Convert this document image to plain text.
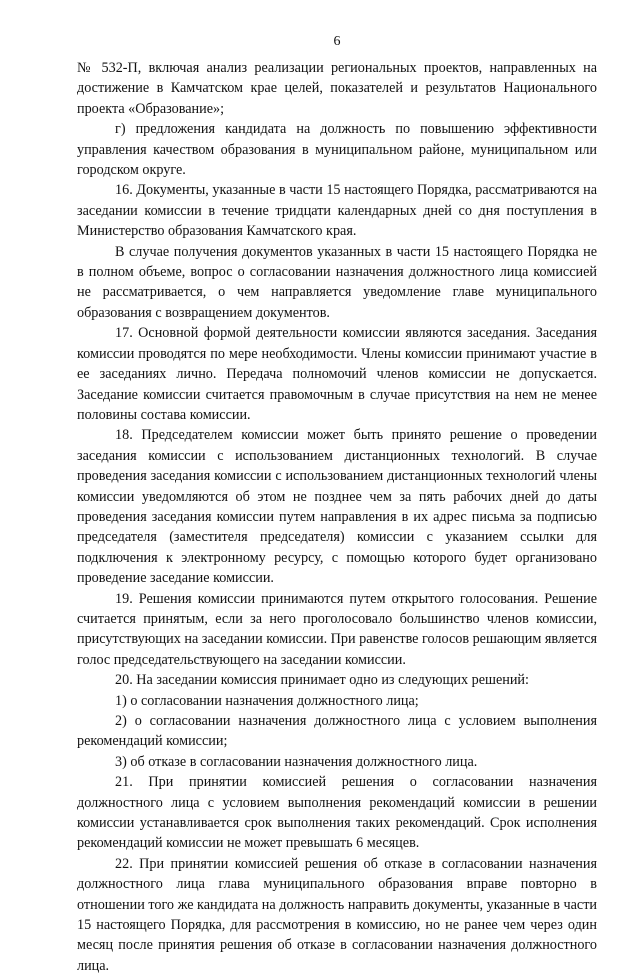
6

№ 532-П, включая анализ реализации региональных проектов, направленных на достижение в Камчатском крае целей, показателей и результатов Национального проекта «Образование»;

г) предложения кандидата на должность по повышению эффективности управления качеством образования в муниципальном районе, муниципальном или городском округе.

16. Документы, указанные в части 15 настоящего Порядка, рассматриваются на заседании комиссии в течение тридцати календарных дней со дня поступления в Министерство образования Камчатского края.

В случае получения документов указанных в части 15 настоящего Порядка не в полном объеме, вопрос о согласовании назначения должностного лица комиссией не рассматривается, о чем направляется уведомление главе муниципального образования с возвращением документов.

17. Основной формой деятельности комиссии являются заседания. Заседания комиссии проводятся по мере необходимости. Члены комиссии принимают участие в ее заседаниях лично. Передача полномочий членов комиссии не допускается. Заседание комиссии считается правомочным в случае присутствия на нем не менее половины состава комиссии.

18. Председателем комиссии может быть принято решение о проведении заседания комиссии с использованием дистанционных технологий. В случае проведения заседания комиссии с использованием дистанционных технологий члены комиссии уведомляются об этом не позднее чем за пять рабочих дней до даты проведения заседания комиссии путем направления в их адрес письма за подписью председателя (заместителя председателя) комиссии с указанием ссылки для подключения к электронному ресурсу, с помощью которого будет организовано проведение заседание комиссии.

19. Решения комиссии принимаются путем открытого голосования. Решение считается принятым, если за него проголосовало большинство членов комиссии, присутствующих на заседании комиссии. При равенстве голосов решающим является голос председательствующего на заседании комиссии.

20. На заседании комиссия принимает одно из следующих решений:

1) о согласовании назначения должностного лица;

2) о согласовании назначения должностного лица с условием выполнения рекомендаций комиссии;

3) об отказе в согласовании назначения должностного лица.

21. При принятии комиссией решения о согласовании назначения должностного лица с условием выполнения рекомендаций комиссии в решении комиссии устанавливается срок выполнения таких рекомендаций. Срок исполнения рекомендаций комиссии не может превышать 6 месяцев.

22. При принятии комиссией решения об отказе в согласовании назначения должностного лица глава муниципального образования вправе повторно в отношении того же кандидата на должность направить документы, указанные в части 15 настоящего Порядка, для рассмотрения в комиссию, но не ранее чем через один месяц после принятия решения об отказе в согласовании назначения должностного лица.
